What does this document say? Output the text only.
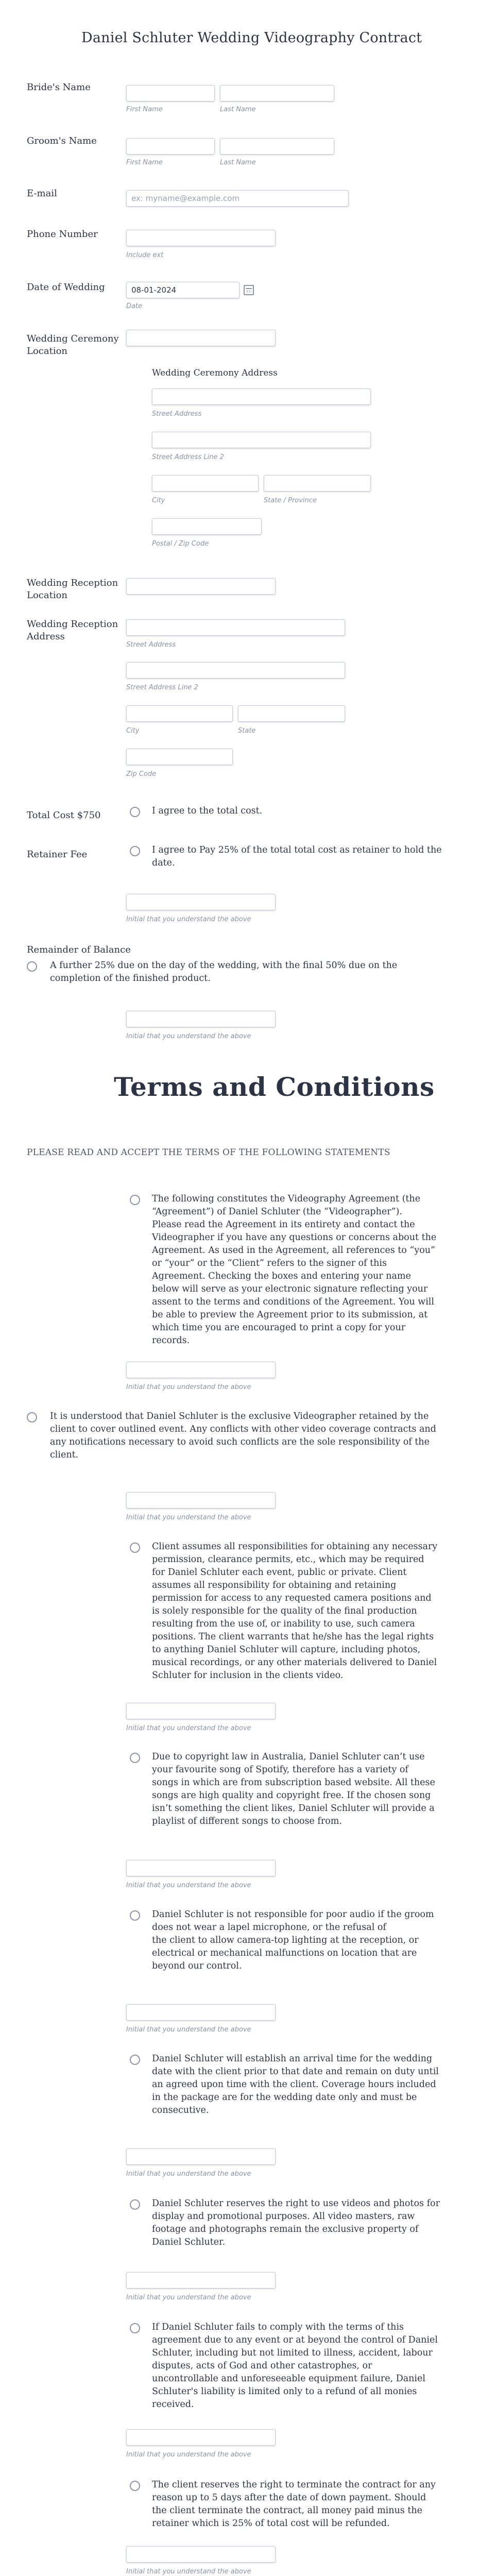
Daniel Schluter Wedding Videography Contract
Bride's Name
First Name	Last Name
Groom's Name
First Name	Last Name
E-mail	ex: myname@example.com
Phone Number
Include ext
Date of Wedding	08-01-2024
Date
Wedding Ceremony
Location
Wedding Ceremony Address
Street Address
Street Address Line 2
City	State / Province
Postal / Zip Code
Wedding Reception
Location
Wedding Reception
Address
Street Address
Street Address Line 2
City	State
Zip Code
Total Cost $750	I agree to the total cost.
Retainer Fee	I agree to Pay 25% of the total total cost as retainer to hold the
date.
Initial that you understand the above
Remainder of Balance
A further 25% due on the day of the wedding, with the final 50% due on the
completion of the finished product.
Initial that you understand the above
Terms and Conditions
PLEASE READ AND ACCEPT THE TERMS OF THE FOLLOWING STATEMENTS
The following constitutes the Videography Agreement (the
“Agreement”) of Daniel Schluter (the “Videographer”).
Please read the Agreement in its entirety and contact the
Videographer if you have any questions or concerns about the
Agreement. As used in the Agreement, all references to “you”
or “your” or the “Client” refers to the signer of this
Agreement. Checking the boxes and entering your name
below will serve as your electronic signature reflecting your
assent to the terms and conditions of the Agreement. You will
be able to preview the Agreement prior to its submission, at
which time you are encouraged to print a copy for your
records.
Initial that you understand the above
It is understood that Daniel Schluter is the exclusive Videographer retained by the
client to cover outlined event. Any conflicts with other video coverage contracts and
any notifications necessary to avoid such conflicts are the sole responsibility of the
client.
Initial that you understand the above
Client assumes all responsibilities for obtaining any necessary
permission, clearance permits, etc., which may be required
for Daniel Schluter each event, public or private. Client
assumes all responsibility for obtaining and retaining
permission for access to any requested camera positions and
is solely responsible for the quality of the final production
resulting from the use of, or inability to use, such camera
positions. The client warrants that he/she has the legal rights
to anything Daniel Schluter will capture, including photos,
musical recordings, or any other materials delivered to Daniel
Schluter for inclusion in the clients video.
Initial that you understand the above
Due to copyright law in Australia, Daniel Schluter can’t use
your favourite song of Spotify, therefore has a variety of
songs in which are from subscription based website. All these
songs are high quality and copyright free. If the chosen song
isn’t something the client likes, Daniel Schluter will provide a
playlist of different songs to choose from.
Initial that you understand the above
Daniel Schluter is not responsible for poor audio if the groom
does not wear a lapel microphone, or the refusal of
the client to allow camera-top lighting at the reception, or
electrical or mechanical malfunctions on location that are
beyond our control.
Initial that you understand the above
Daniel Schluter will establish an arrival time for the wedding
date with the client prior to that date and remain on duty until
an agreed upon time with the client. Coverage hours included
in the package are for the wedding date only and must be
consecutive.
Initial that you understand the above
Daniel Schluter reserves the right to use videos and photos for
display and promotional purposes. All video masters, raw
footage and photographs remain the exclusive property of
Daniel Schluter.
Initial that you understand the above
If Daniel Schluter fails to comply with the terms of this
agreement due to any event or at beyond the control of Daniel
Schluter, including but not limited to illness, accident, labour
disputes, acts of God and other catastrophes, or
uncontrollable and unforeseeable equipment failure, Daniel
Schluter's liability is limited only to a refund of all monies
received.
Initial that you understand the above
The client reserves the right to terminate the contract for any
reason up to 5 days after the date of down payment. Should
the client terminate the contract, all money paid minus the
retainer which is 25% of total cost will be refunded.
Initial that you understand the above
